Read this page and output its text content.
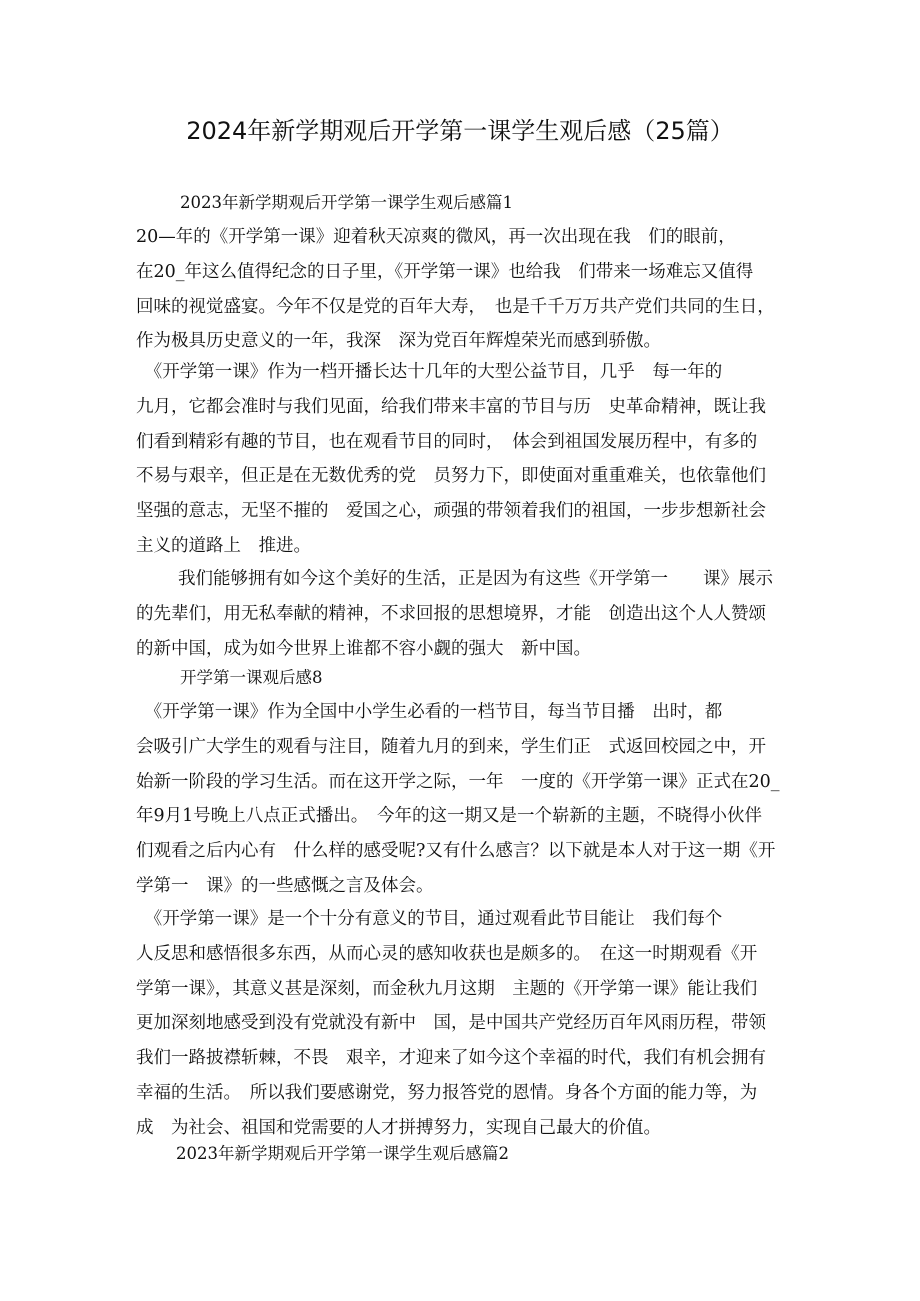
2024年新学期观后开学第一课学生观后感（25篇）
2023年新学期观后开学第一课学生观后感篇1
20—年的《开学第一课》迎着秋天凉爽的微风，再一次出现在我　们的眼前，
在20_年这么值得纪念的日子里，《开学第一课》也给我　们带来一场难忘又值得
回味的视觉盛宴。今年不仅是党的百年大寿，　也是千千万万共产党们共同的生日，
作为极具历史意义的一年，我深　深为党百年辉煌荣光而感到骄傲。
　《开学第一课》作为一档开播长达十几年的大型公益节目，几乎　每一年的
九月，它都会准时与我们见面，给我们带来丰富的节目与历　史革命精神，既让我
们看到精彩有趣的节目，也在观看节目的同时，　体会到祖国发展历程中，有多的
不易与艰辛，但正是在无数优秀的党　员努力下，即使面对重重难关，也依靠他们
坚强的意志，无坚不摧的　爱国之心，顽强的带领着我们的祖国，一步步想新社会
主义的道路上　推进。
我们能够拥有如今这个美好的生活，正是因为有这些《开学第一　　课》展示
的先辈们，用无私奉献的精神，不求回报的思想境界，才能　创造出这个人人赞颂
的新中国，成为如今世界上谁都不容小觑的强大　新中国。
开学第一课观后感8
　《开学第一课》作为全国中小学生必看的一档节目，每当节目播　出时，都
会吸引广大学生的观看与注目，随着九月的到来，学生们正　式返回校园之中，开
始新一阶段的学习生活。而在这开学之际，一年　一度的《开学第一课》正式在20_
年9月1号晚上八点正式播出。　今年的这一期又是一个崭新的主题，不晓得小伙伴
们观看之后内心有　什么样的感受呢?又有什么感言？以下就是本人对于这一期《开
学第一　课》的一些感慨之言及体会。
　《开学第一课》是一个十分有意义的节目，通过观看此节目能让　我们每个
人反思和感悟很多东西，从而心灵的感知收获也是颇多的。　在这一时期观看《开
学第一课》，其意义甚是深刻，而金秋九月这期　主题的《开学第一课》能让我们
更加深刻地感受到没有党就没有新中　国，是中国共产党经历百年风雨历程，带领
我们一路披襟斩棘，不畏　艰辛，才迎来了如今这个幸福的时代，我们有机会拥有
幸福的生活。　所以我们要感谢党，努力报答党的恩情。身各个方面的能力等，为
成　为社会、祖国和党需要的人才拼搏努力，实现自己最大的价值。
2023年新学期观后开学第一课学生观后感篇2
